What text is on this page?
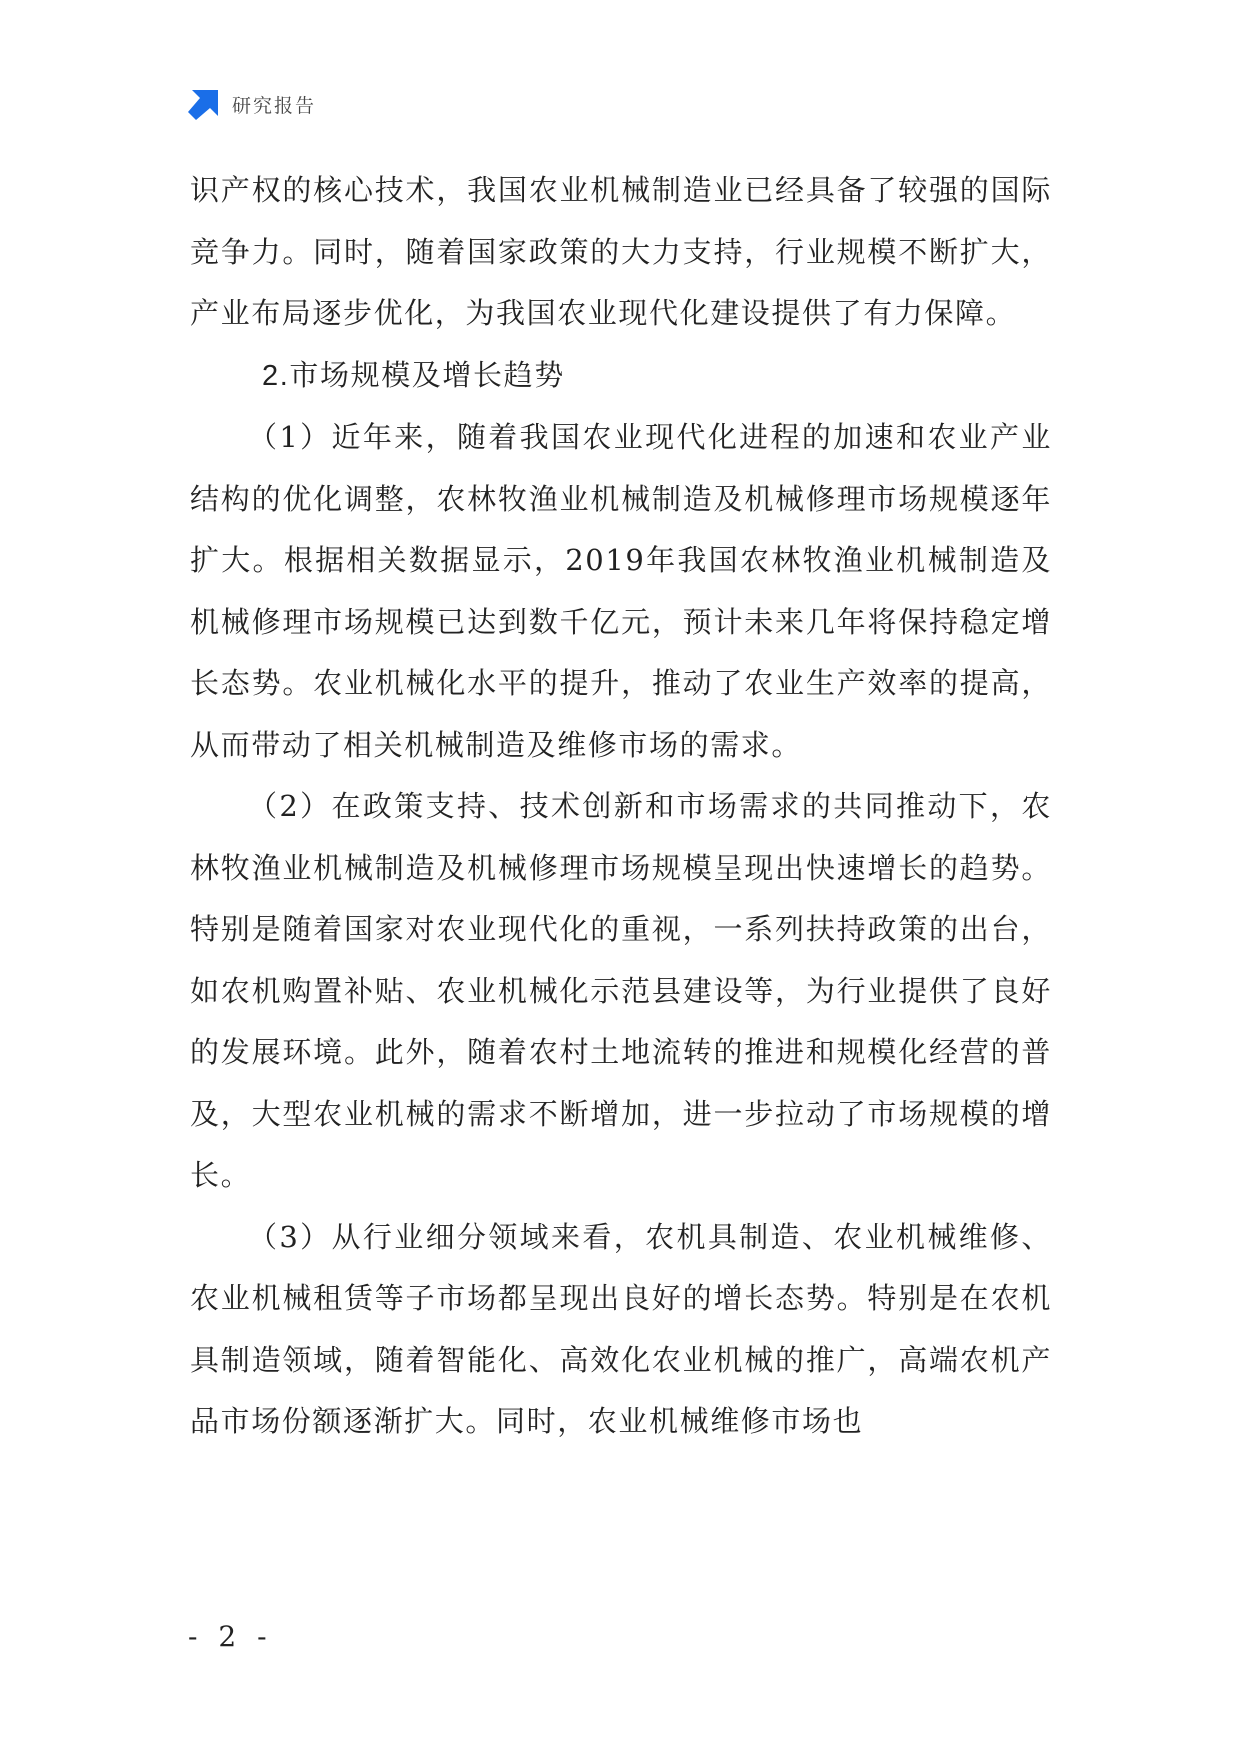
研究报告

识产权的核心技术，我国农业机械制造业已经具备了较强的国际竞争力。同时，随着国家政策的大力支持，行业规模不断扩大，产业布局逐步优化，为我国农业现代化建设提供了有力保障。

2.市场规模及增长趋势

（1）近年来，随着我国农业现代化进程的加速和农业产业结构的优化调整，农林牧渔业机械制造及机械修理市场规模逐年扩大。根据相关数据显示，2019年我国农林牧渔业机械制造及机械修理市场规模已达到数千亿元，预计未来几年将保持稳定增长态势。农业机械化水平的提升，推动了农业生产效率的提高，从而带动了相关机械制造及维修市场的需求。

（2）在政策支持、技术创新和市场需求的共同推动下，农林牧渔业机械制造及机械修理市场规模呈现出快速增长的趋势。特别是随着国家对农业现代化的重视，一系列扶持政策的出台，如农机购置补贴、农业机械化示范县建设等，为行业提供了良好的发展环境。此外，随着农村土地流转的推进和规模化经营的普及，大型农业机械的需求不断增加，进一步拉动了市场规模的增长。

（3）从行业细分领域来看，农机具制造、农业机械维修、农业机械租赁等子市场都呈现出良好的增长态势。特别是在农机具制造领域，随着智能化、高效化农业机械的推广，高端农机产品市场份额逐渐扩大。同时，农业机械维修市场也

- 2 -
